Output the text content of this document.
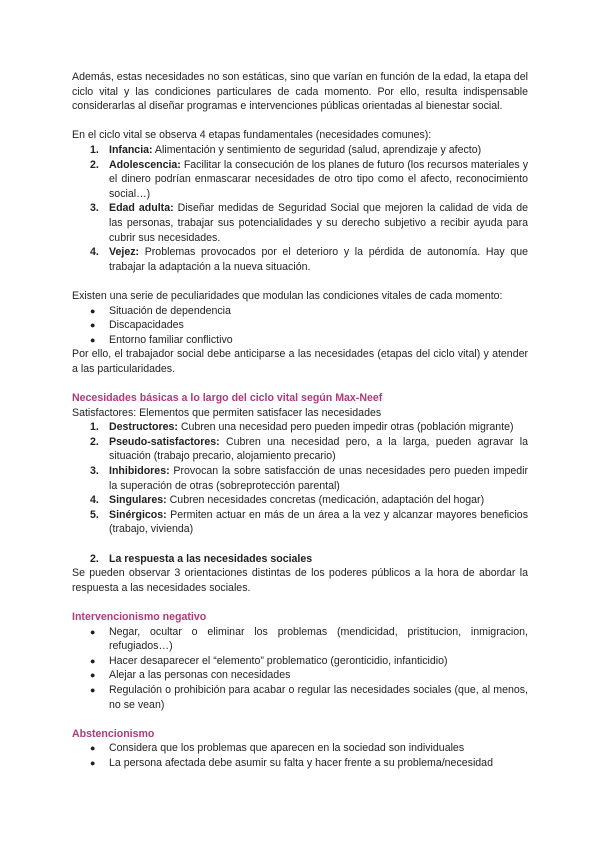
Además, estas necesidades no son estáticas, sino que varían en función de la edad, la etapa del ciclo vital y las condiciones particulares de cada momento. Por ello, resulta indispensable considerarlas al diseñar programas e intervenciones públicas orientadas al bienestar social.

En el ciclo vital se observa 4 etapas fundamentales (necesidades comunes):

1. Infancia: Alimentación y sentimiento de seguridad (salud, aprendizaje y afecto)
2. Adolescencia: Facilitar la consecución de los planes de futuro (los recursos materiales y el dinero podrían enmascarar necesidades de otro tipo como el afecto, reconocimiento social…)
3. Edad adulta: Diseñar medidas de Seguridad Social que mejoren la calidad de vida de las personas, trabajar sus potencialidades y su derecho subjetivo a recibir ayuda para cubrir sus necesidades.
4. Vejez: Problemas provocados por el deterioro y la pérdida de autonomía. Hay que trabajar la adaptación a la nueva situación.

Existen una serie de peculiaridades que modulan las condiciones vitales de cada momento:

● Situación de dependencia
● Discapacidades
● Entorno familiar conflictivo

Por ello, el trabajador social debe anticiparse a las necesidades (etapas del ciclo vital) y atender a las particularidades.

Necesidades básicas a lo largo del ciclo vital según Max-Neef

Satisfactores: Elementos que permiten satisfacer las necesidades

1. Destructores: Cubren una necesidad pero pueden impedir otras (población migrante)
2. Pseudo-satisfactores: Cubren una necesidad pero, a la larga, pueden agravar la situación (trabajo precario, alojamiento precario)
3. Inhibidores: Provocan la sobre satisfacción de unas necesidades pero pueden impedir la superación de otras (sobreprotección parental)
4. Singulares: Cubren necesidades concretas (medicación, adaptación del hogar)
5. Sinérgicos: Permiten actuar en más de un área a la vez y alcanzar mayores beneficios (trabajo, vivienda)
2. La respuesta a las necesidades sociales

Se pueden observar 3 orientaciones distintas de los poderes públicos a la hora de abordar la respuesta a las necesidades sociales.

Intervencionismo negativo

● Negar, ocultar o eliminar los problemas (mendicidad, pristitucion, inmigracion, refugiados…)
● Hacer desaparecer el “elemento” problematico (geronticidio, infanticidio)
● Alejar a las personas con necesidades
● Regulación o prohibición para acabar o regular las necesidades sociales (que, al menos, no se vean)

Abstencionismo

● Considera que los problemas que aparecen en la sociedad son individuales
● La persona afectada debe asumir su falta y hacer frente a su problema/necesidad
